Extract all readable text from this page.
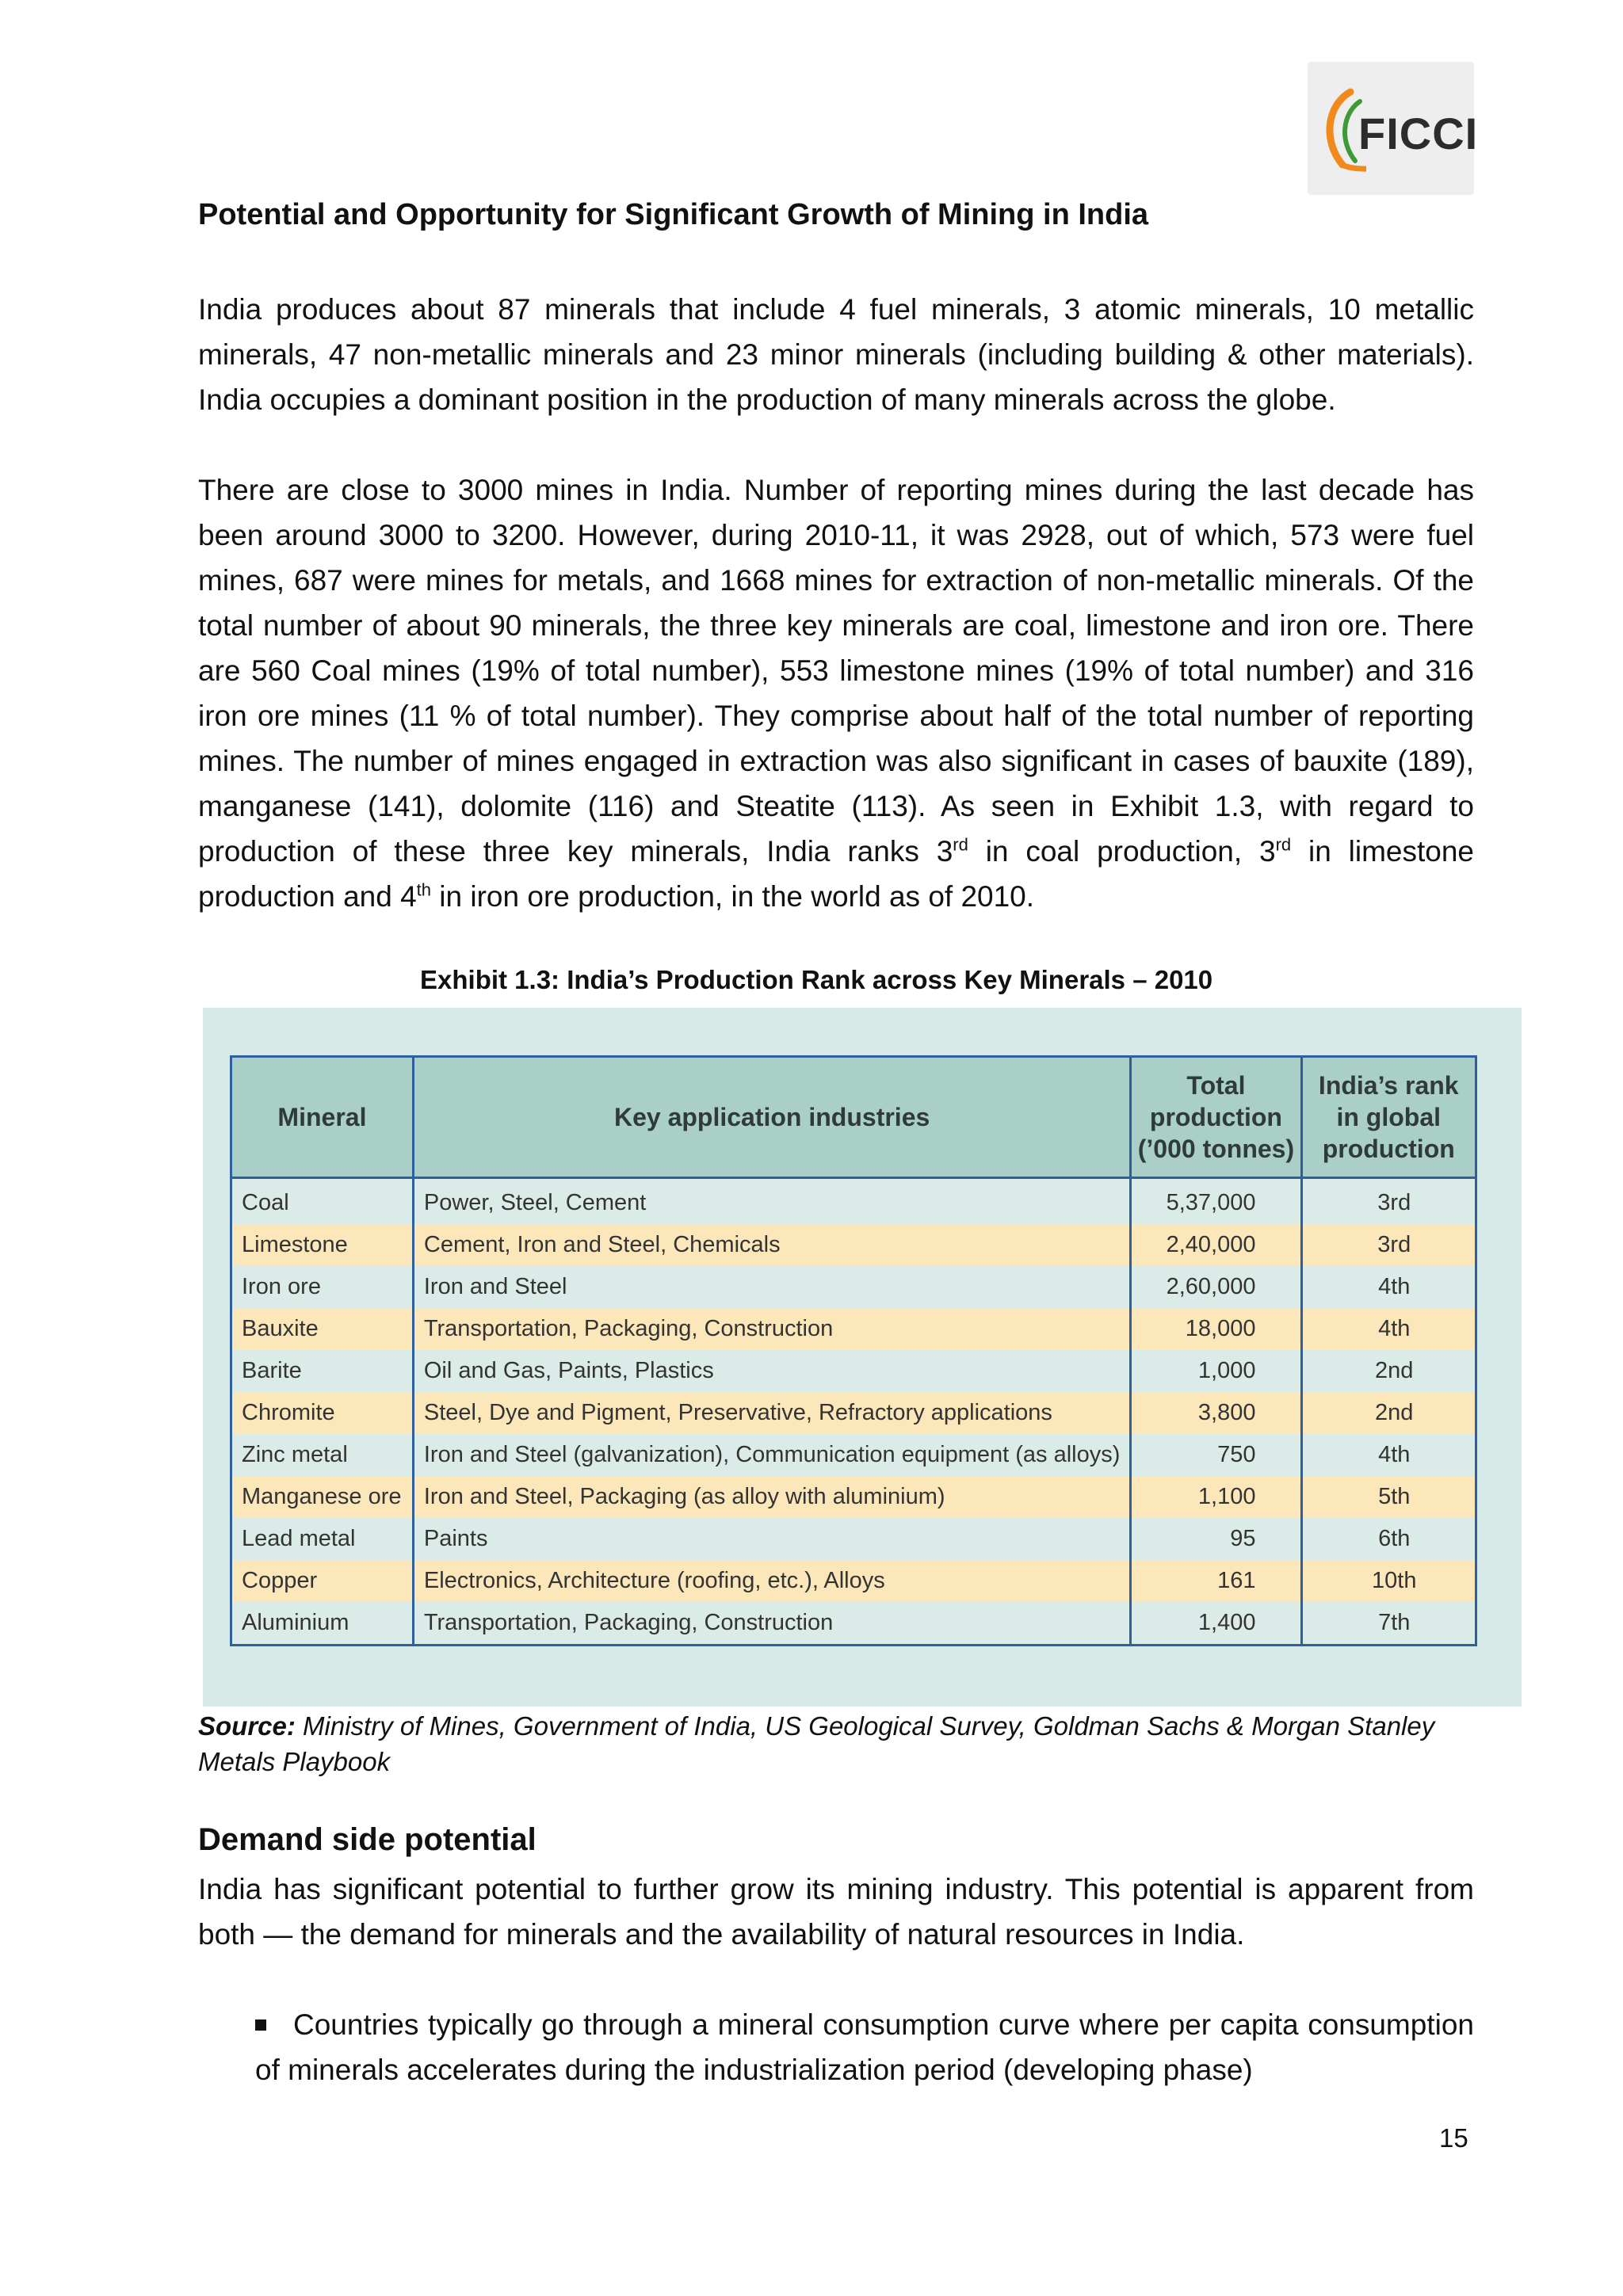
FICCI
Potential and Opportunity for Significant Growth of Mining in India

India produces about 87 minerals that include 4 fuel minerals, 3 atomic minerals, 10 metallic minerals, 47 non-metallic minerals and 23 minor minerals (including building & other materials). India occupies a dominant position in the production of many minerals across the globe.

There are close to 3000 mines in India. Number of reporting mines during the last decade has been around 3000 to 3200. However, during 2010-11, it was 2928, out of which, 573 were fuel mines, 687 were mines for metals, and 1668 mines for extraction of non-metallic minerals. Of the total number of about 90 minerals, the three key minerals are coal, limestone and iron ore. There are 560 Coal mines (19% of total number), 553 limestone mines (19% of total number) and 316 iron ore mines (11 % of total number). They comprise about half of the total number of reporting mines. The number of mines engaged in extraction was also significant in cases of bauxite (189), manganese (141), dolomite (116) and Steatite (113). As seen in Exhibit 1.3, with regard to production of these three key minerals, India ranks 3rd in coal production, 3rd in limestone production and 4th in iron ore production, in the world as of 2010.

Exhibit 1.3: India’s Production Rank across Key Minerals – 2010

Mineral	Key application industries	Total production (’000 tonnes)	India’s rank in global production
Coal	Power, Steel, Cement	5,37,000	3rd
Limestone	Cement, Iron and Steel, Chemicals	2,40,000	3rd
Iron ore	Iron and Steel	2,60,000	4th
Bauxite	Transportation, Packaging, Construction	18,000	4th
Barite	Oil and Gas, Paints, Plastics	1,000	2nd
Chromite	Steel, Dye and Pigment, Preservative, Refractory applications	3,800	2nd
Zinc metal	Iron and Steel (galvanization), Communication equipment (as alloys)	750	4th
Manganese ore	Iron and Steel, Packaging (as alloy with aluminium)	1,100	5th
Lead metal	Paints	95	6th
Copper	Electronics, Architecture (roofing, etc.), Alloys	161	10th
Aluminium	Transportation, Packaging, Construction	1,400	7th

Source: Ministry of Mines, Government of India, US Geological Survey, Goldman Sachs & Morgan Stanley Metals Playbook

Demand side potential

India has significant potential to further grow its mining industry. This potential is apparent from both — the demand for minerals and the availability of natural resources in India.

Countries typically go through a mineral consumption curve where per capita consumption of minerals accelerates during the industrialization period (developing phase)

15
